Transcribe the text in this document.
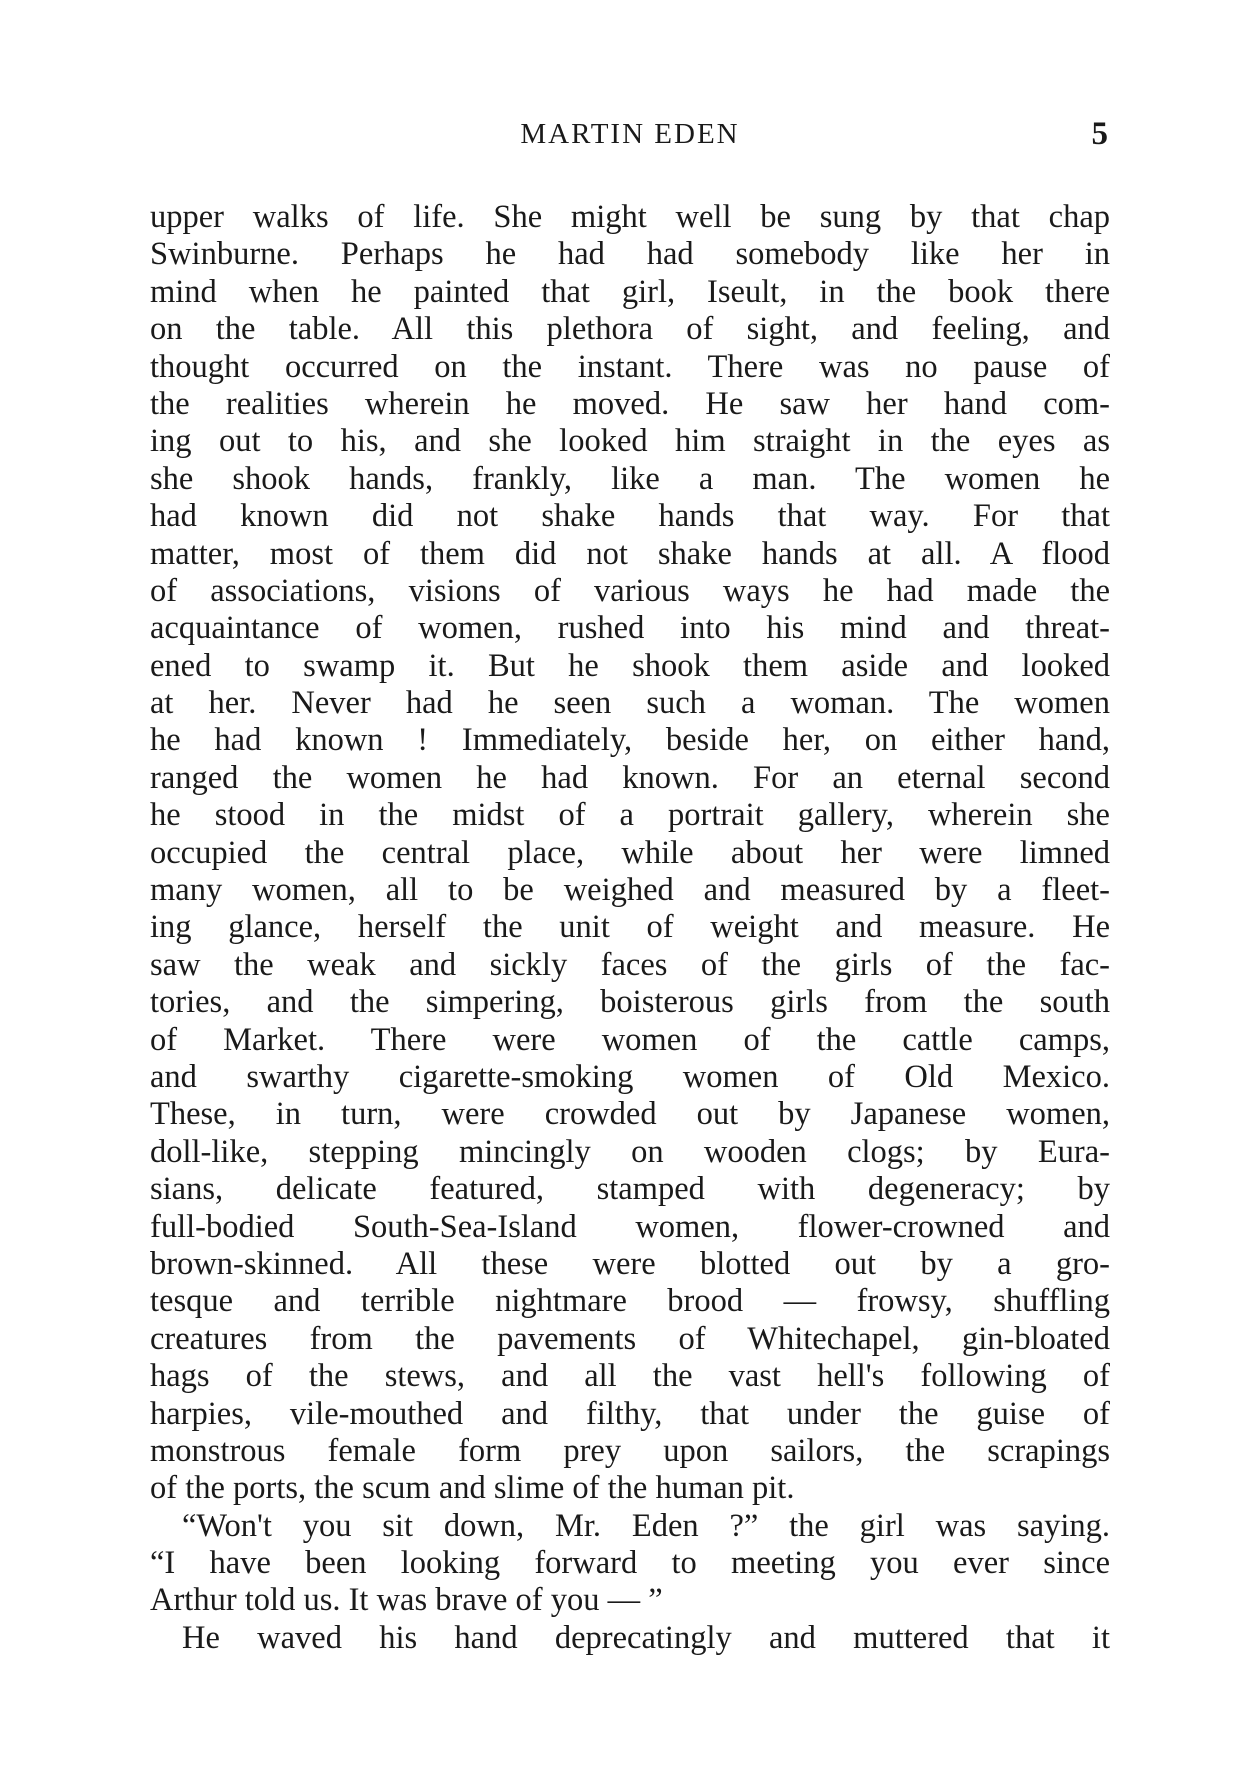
MARTIN EDEN	5
upper walks of life. She might well be sung by that chap
Swinburne. Perhaps he had had somebody like her in
mind when he painted that girl, Iseult, in the book there
on the table. All this plethora of sight, and feeling, and
thought occurred on the instant. There was no pause of
the realities wherein he moved. He saw her hand com-
ing out to his, and she looked him straight in the eyes as
she shook hands, frankly, like a man. The women he
had known did not shake hands that way. For that
matter, most of them did not shake hands at all. A flood
of associations, visions of various ways he had made the
acquaintance of women, rushed into his mind and threat-
ened to swamp it. But he shook them aside and looked
at her. Never had he seen such a woman. The women
he had known ! Immediately, beside her, on either hand,
ranged the women he had known. For an eternal second
he stood in the midst of a portrait gallery, wherein she
occupied the central place, while about her were limned
many women, all to be weighed and measured by a fleet-
ing glance, herself the unit of weight and measure. He
saw the weak and sickly faces of the girls of the fac-
tories, and the simpering, boisterous girls from the south
of Market. There were women of the cattle camps,
and swarthy cigarette-smoking women of Old Mexico.
These, in turn, were crowded out by Japanese women,
doll-like, stepping mincingly on wooden clogs; by Eura-
sians, delicate featured, stamped with degeneracy; by
full-bodied South-Sea-Island women, flower-crowned and
brown-skinned. All these were blotted out by a gro-
tesque and terrible nightmare brood — frowsy, shuffling
creatures from the pavements of Whitechapel, gin-bloated
hags of the stews, and all the vast hell's following of
harpies, vile-mouthed and filthy, that under the guise of
monstrous female form prey upon sailors, the scrapings
of the ports, the scum and slime of the human pit.
“Won't you sit down, Mr. Eden ?” the girl was saying.
“I have been looking forward to meeting you ever since
Arthur told us. It was brave of you — ”
He waved his hand deprecatingly and muttered that it
